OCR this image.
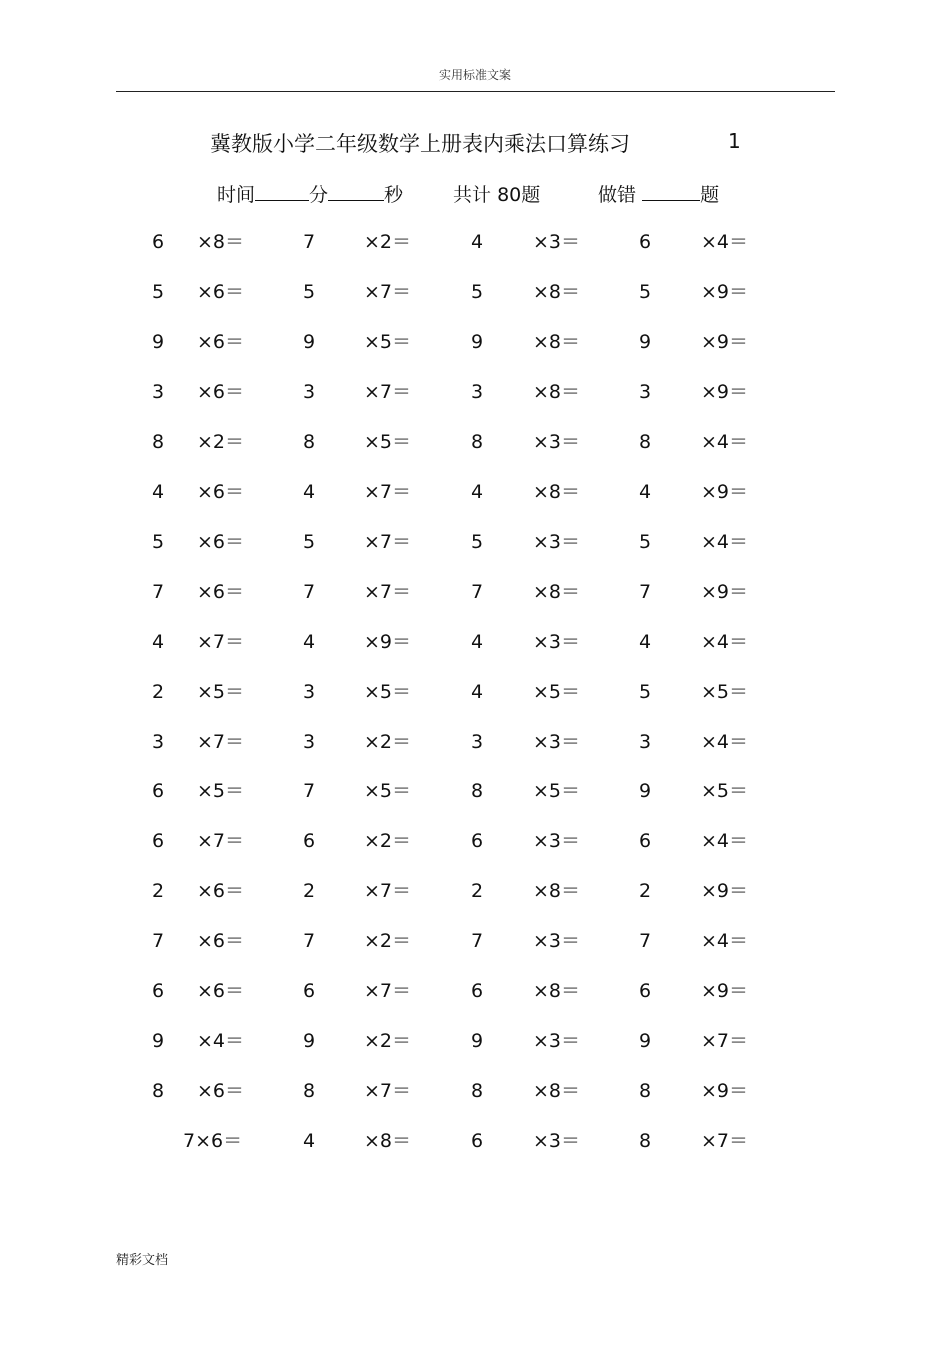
实用标准文案
冀教版小学二年级数学上册表内乘法口算练习	1
时间	分	秒	共计 80题	做错	题
6 ×8＝	7	×2＝	4	×3＝	6	×4＝
5 ×6＝	5	×7＝	5	×8＝	5	×9＝
9 ×6＝	9	×5＝	9	×8＝	9	×9＝
3 ×6＝	3	×7＝	3	×8＝	3	×9＝
8 ×2＝	8	×5＝	8	×3＝	8	×4＝
4 ×6＝	4	×7＝	4	×8＝	4	×9＝
5 ×6＝	5	×7＝	5	×3＝	5	×4＝
7 ×6＝	7	×7＝	7	×8＝	7	×9＝
4 ×7＝	4	×9＝	4	×3＝	4	×4＝
2 ×5＝	3	×5＝	4	×5＝	5	×5＝
3 ×7＝	3	×2＝	3	×3＝	3	×4＝
6 ×5＝	7	×5＝	8	×5＝	9	×5＝
6 ×7＝	6	×2＝	6	×3＝	6	×4＝
2 ×6＝	2	×7＝	2	×8＝	2	×9＝
7 ×6＝	7	×2＝	7	×3＝	7	×4＝
6 ×6＝	6	×7＝	6	×8＝	6	×9＝
9 ×4＝	9	×2＝	9	×3＝	9	×7＝
8 ×6＝	8	×7＝	8	×8＝	8	×9＝
7×6＝	4	×8＝	6	×3＝	8	×7＝
精彩文档
